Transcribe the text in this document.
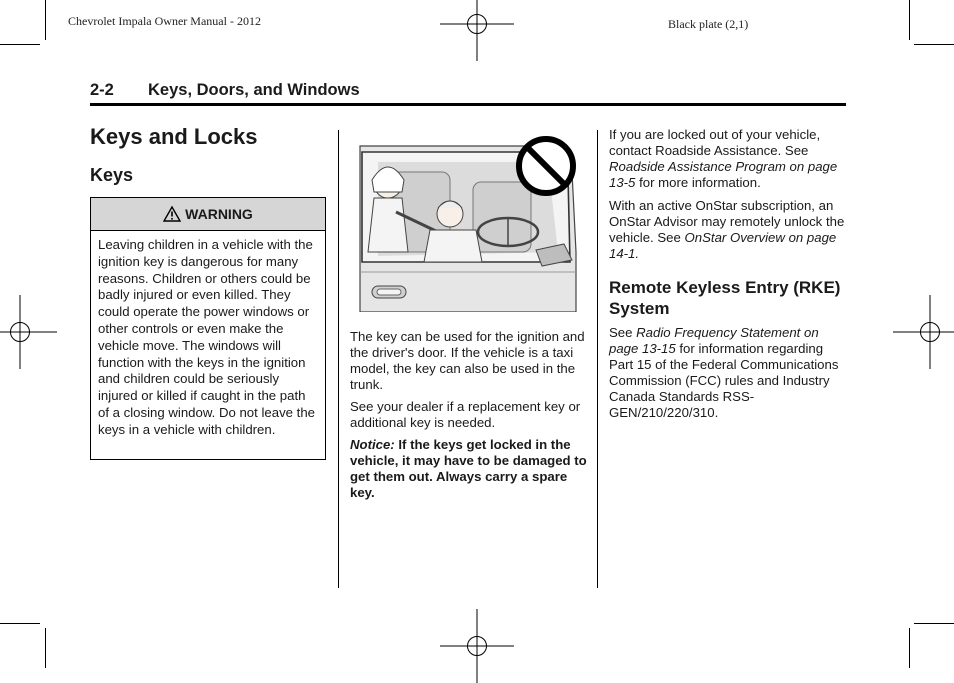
Chevrolet Impala Owner Manual - 2012	Black plate (2,1)
2-2 Keys, Doors, and Windows
Keys and Locks
Keys
WARNING
Leaving children in a vehicle with the ignition key is dangerous for many reasons. Children or others could be badly injured or even killed. They could operate the power windows or other controls or even make the vehicle move. The windows will function with the keys in the ignition and children could be seriously injured or killed if caught in the path of a closing window. Do not leave the keys in a vehicle with children.

The key can be used for the ignition and the driver's door. If the vehicle is a taxi model, the key can also be used in the trunk.

See your dealer if a replacement key or additional key is needed.

Notice: If the keys get locked in the vehicle, it may have to be damaged to get them out. Always carry a spare key.

If you are locked out of your vehicle, contact Roadside Assistance. See Roadside Assistance Program on page 13-5 for more information.

With an active OnStar subscription, an OnStar Advisor may remotely unlock the vehicle. See OnStar Overview on page 14-1.

Remote Keyless Entry (RKE) System

See Radio Frequency Statement on page 13-15 for information regarding Part 15 of the Federal Communications Commission (FCC) rules and Industry Canada Standards RSS-GEN/210/220/310.
